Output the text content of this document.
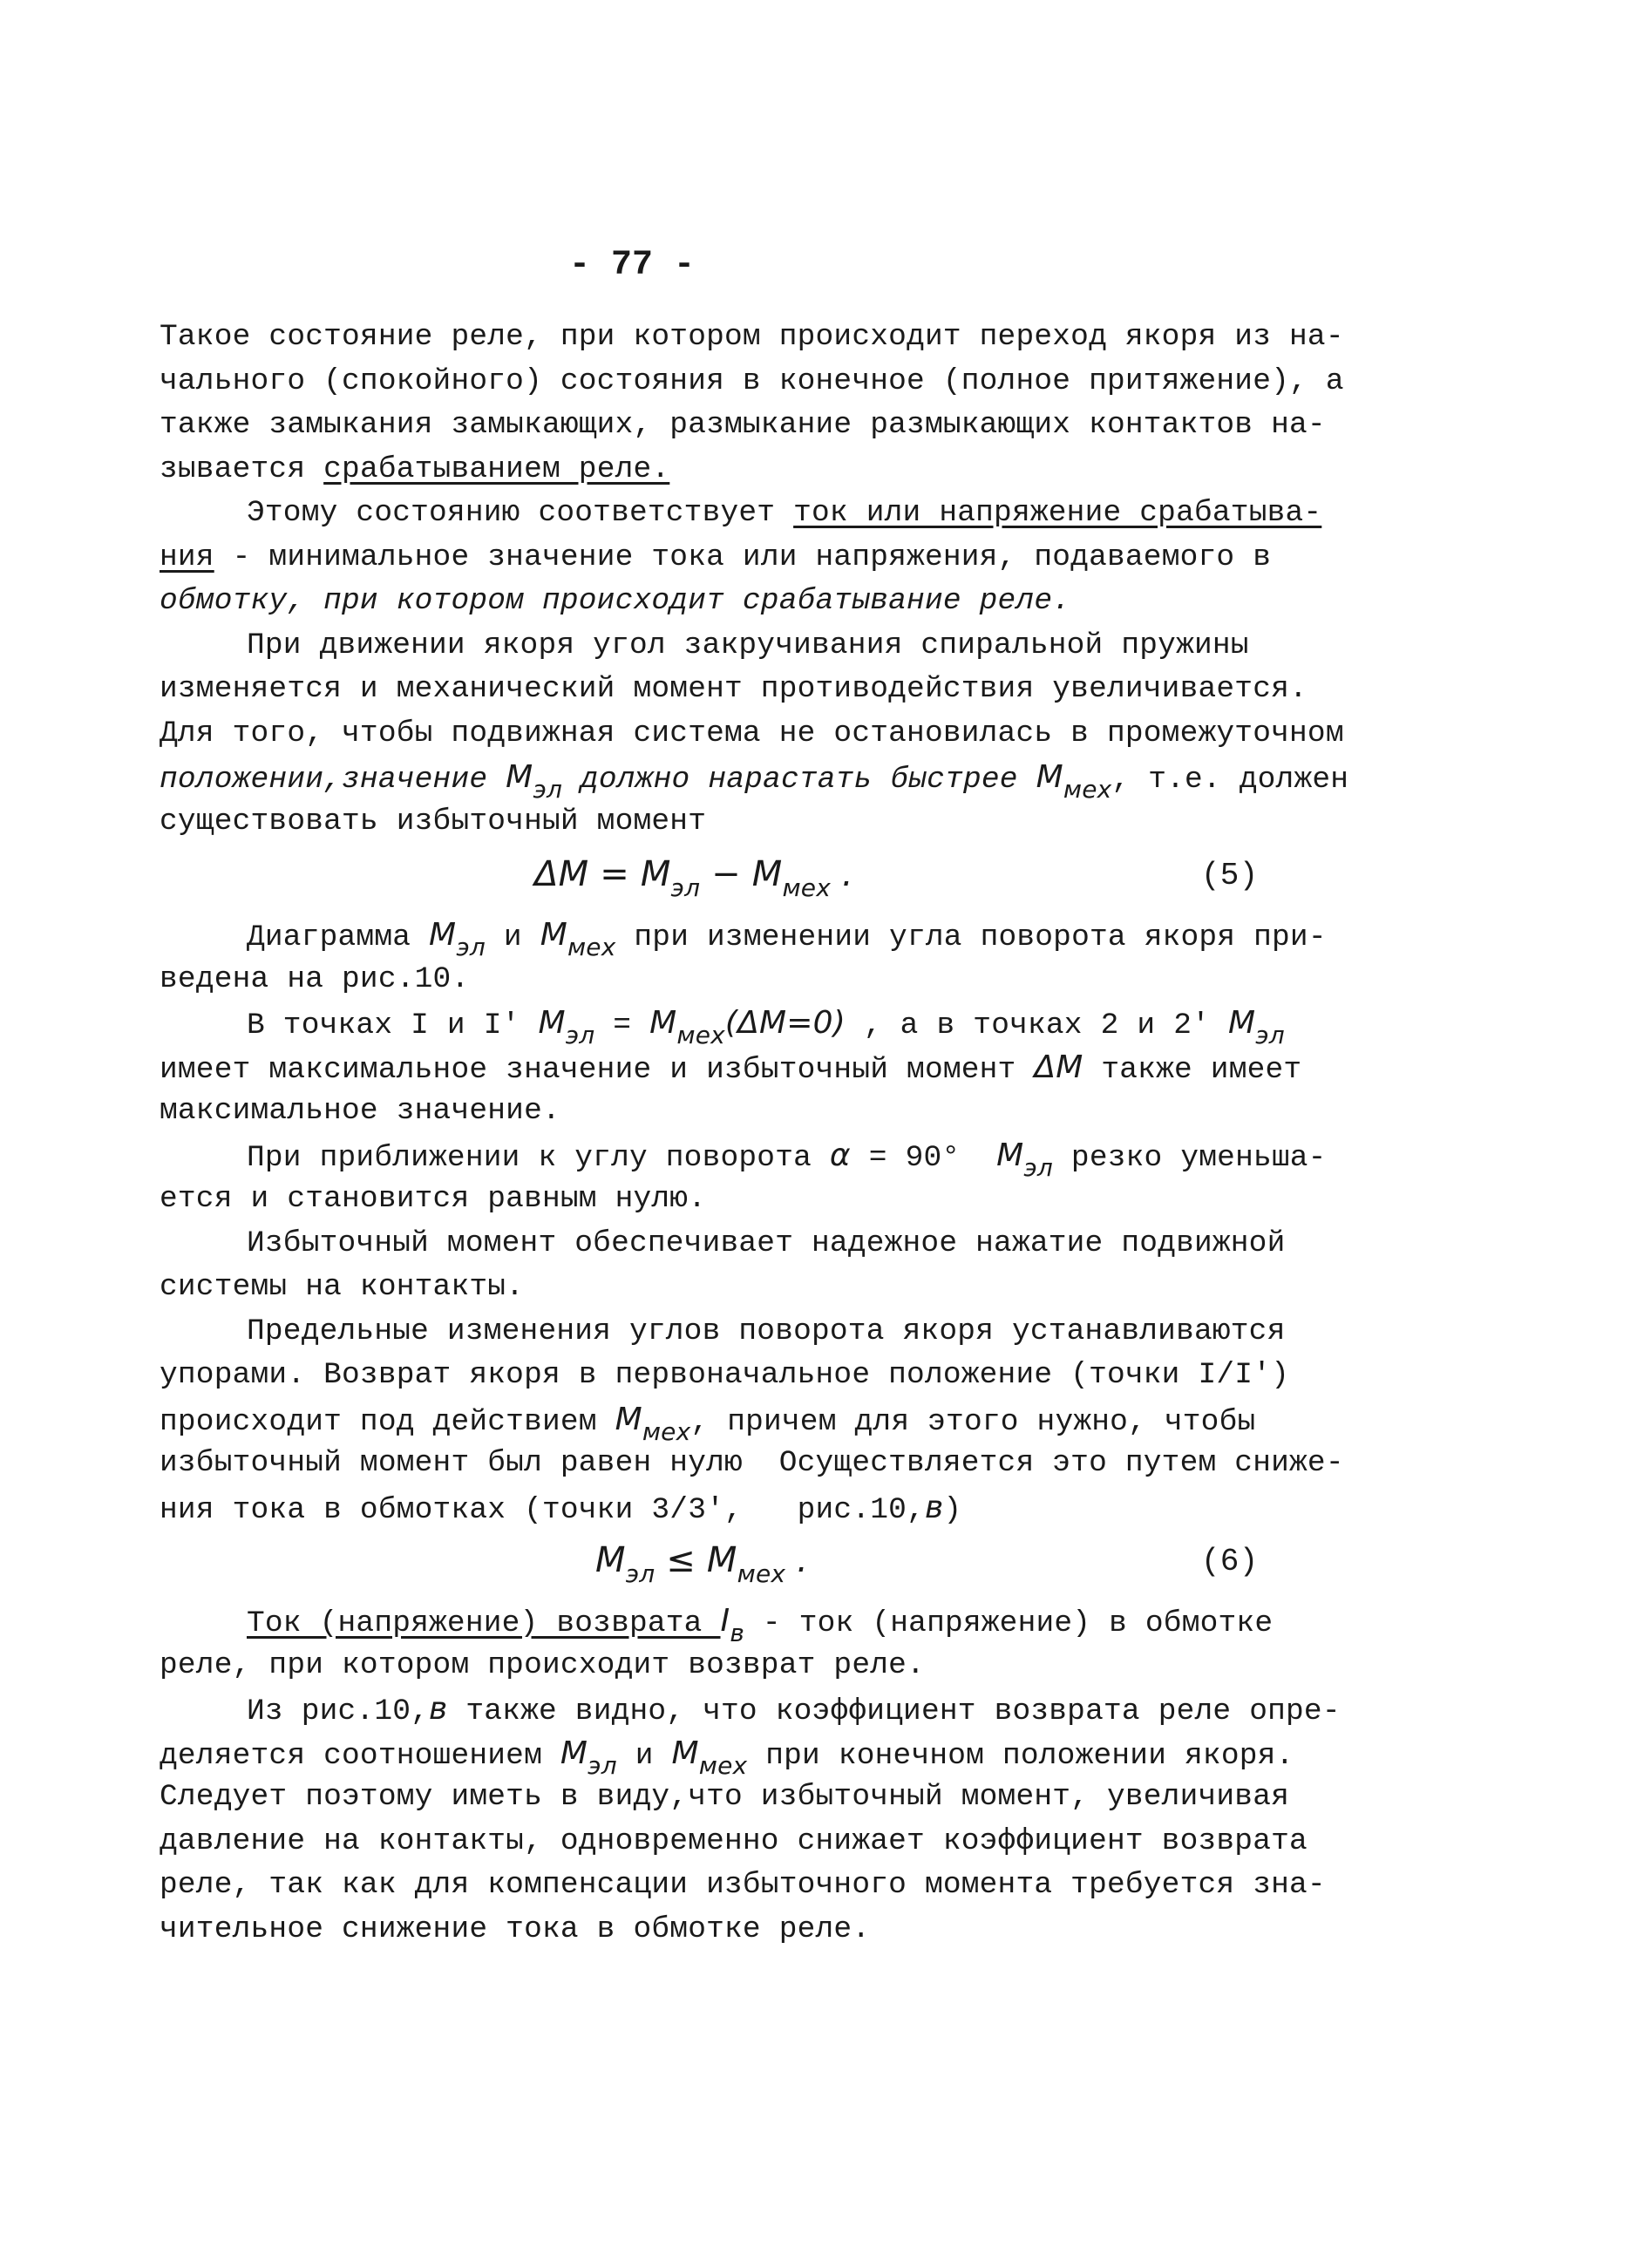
- 77 -
Такое состояние реле, при котором происходит переход якоря из на-
чального (спокойного) состояния в конечное (полное притяжение), а
также замыкания замыкающих, размыкание размыкающих контактов на-
зывается срабатыванием реле.
Этому состоянию соответствует ток или напряжение срабатыва-
ния - минимальное значение тока или напряжения, подаваемого в
обмотку, при котором происходит срабатывание реле.
При движении якоря угол закручивания спиральной пружины
изменяется и механический момент противодействия увеличивается.
Для того, чтобы подвижная система не остановилась в промежуточном
положении,значение $M_{эл}$ должно нарастать быстрее $M_{мех}$, т.е. должен
существовать избыточный момент
$\Delta M = M_{эл} - M_{мех}$ .	(5)
Диаграмма $M_{эл}$ и $M_{мех}$ при изменении угла поворота якоря при-
ведена на рис.10.
В точках I и I′ $M_{эл} = M_{мех}(\Delta M=0)$ , а в точках 2 и 2′ $M_{эл}$
имеет максимальное значение и избыточный момент ΔM также имеет
максимальное значение.
При приближении к углу поворота α = 90°  $M_{эл}$ резко уменьша-
ется и становится равным нулю.
Избыточный момент обеспечивает надежное нажатие подвижной
системы на контакты.
Предельные изменения углов поворота якоря устанавливаются
упорами. Возврат якоря в первоначальное положение (точки I/I′)
происходит под действием $M_{мех}$, причем для этого нужно, чтобы
избыточный момент был равен нулю  Осуществляется это путем сниже-
ния тока в обмотках (точки 3/3′,   рис.10,в)
$M_{эл} \le M_{мех}$ .	(6)
Ток (напряжение) возврата $I_в$ - ток (напряжение) в обмотке
реле, при котором происходит возврат реле.
Из рис.10,в также видно, что коэффициент возврата реле опре-
деляется соотношением $M_{эл}$ и $M_{мех}$ при конечном положении якоря.
Следует поэтому иметь в виду,что избыточный момент, увеличивая
давление на контакты, одновременно снижает коэффициент возврата
реле, так как для компенсации избыточного момента требуется зна-
чительное снижение тока в обмотке реле.
